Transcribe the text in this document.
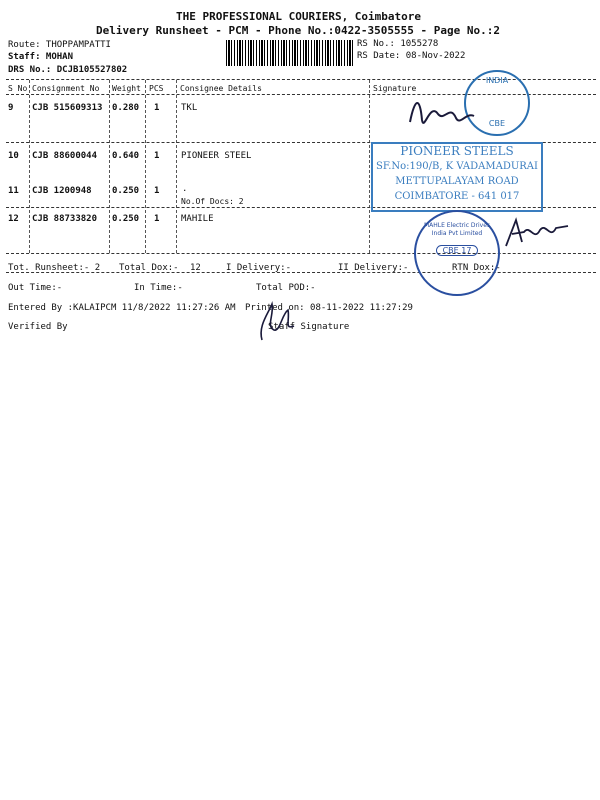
THE PROFESSIONAL COURIERS, Coimbatore
Delivery Runsheet - PCM - Phone No.:0422-3505555 - Page No.:2
Route: THOPPAMPATTI
Staff: MOHAN
DRS No.: DCJB105527802
RS No.: 1055278
RS Date: 08-Nov-2022
S No Consignment No Weight PCS Consignee Details	Signature
9 CJB 515609313 0.280 1 TKL
10 CJB 88600044 0.640 1 PIONEER STEEL
11 CJB 1200948 0.250 1	.
No.Of Docs: 2
12 CJB 88733820 0.250 1 MAHILE
Tot. Runsheet:- 2 Total Dox:- 12	I Delivery:-	II Delivery:-	RTN Dox:-
Out Time:-	In Time:-	Total POD:-
Entered By :KALAIPCM 11/8/2022 11:27:26 AM Printed on: 08-11-2022 11:27:29
Verified By	Staff Signature
INDIA
CBE
PIONEER STEELS
SF.No:190/B, K VADAMADURAI
METTUPALAYAM ROAD
COIMBATORE - 641 017
MAHLE Electric Drives India Pvt Limited
CBE 17
